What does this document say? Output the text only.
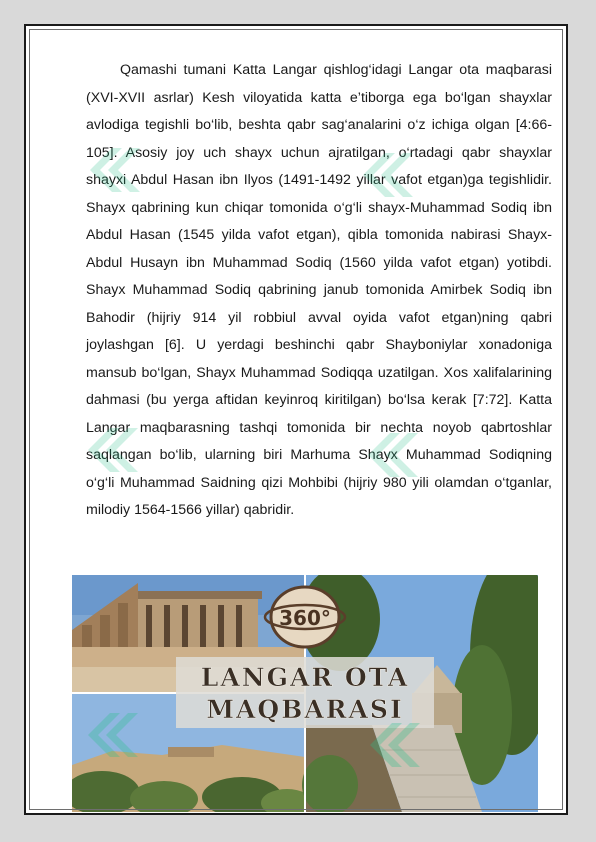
Qamashi tumani Katta Langar qishlog‘idagi Langar ota maqbarasi (XVI-XVII asrlar) Kesh viloyatida katta e’tiborga ega bo‘lgan shayxlar avlodiga tegishli bo‘lib, beshta qabr sag‘analarini o‘z ichiga olgan [4:66-105]. Asosiy joy uch shayx uchun ajratilgan, o‘rtadagi qabr shayxlar shayxi Abdul Hasan ibn Ilyos (1491-1492 yillar vafot etgan)ga tegishlidir. Shayx qabrining kun chiqar tomonida o‘g‘li shayx-Muhammad Sodiq ibn Abdul Hasan (1545 yilda vafot etgan), qibla tomonida nabirasi Shayx-Abdul Husayn ibn Muhammad Sodiq (1560 yilda vafot etgan) yotibdi. Shayx Muhammad Sodiq qabrining janub tomonida Amirbek Sodiq ibn Bahodir (hijriy 914 yil robbiul avval oyida vafot etgan)ning qabri joylashgan [6]. U yerdagi beshinchi qabr Shayboniylar xonadoniga mansub bo‘lgan, Shayx Muhammad Sodiqqa uzatilgan. Xos xalifalarining dahmasi (bu yerga aftidan keyinroq kiritilgan) bo‘lsa kerak [7:72]. Katta Langar maqbarasning tashqi tomonida bir nechta noyob qabrtoshlar saqlangan bo‘lib, ularning biri Marhuma Shayx Muhammad Sodiqning o‘g‘li Muhammad Saidning qizi Mohbibi (hijriy 980 yili olamdan o‘tganlar, milodiy 1564-1566 yillar) qabridir.

360°
LANGAR OTA
MAQBARASI
